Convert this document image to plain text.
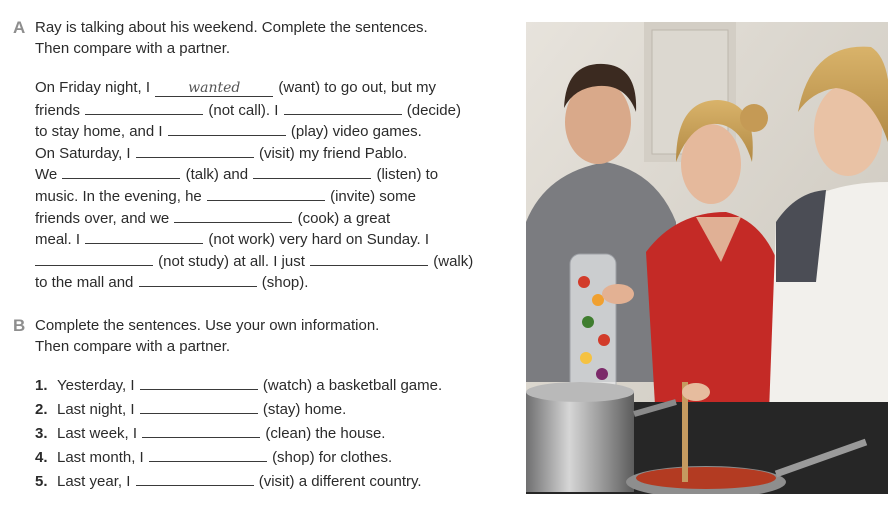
A Ray is talking about his weekend. Complete the sentences.
Then compare with a partner.
On Friday night, I	wanted	(want) to go out, but my
friends	(not call). I	(decide)
to stay home, and I	(play) video games.
On Saturday, I	(visit) my friend Pablo.
We	(talk) and	(listen) to
music. In the evening, he	(invite) some
friends over, and we	(cook) a great
meal. I	(not work) very hard on Sunday. I
(not study) at all. I just	(walk)
to the mall and	(shop).
B Complete the sentences. Use your own information.
Then compare with a partner.
1. Yesterday, I	(watch) a basketball game.
2. Last night, I	(stay) home.
3. Last week, I	(clean) the house.
4. Last month, I	(shop) for clothes.
5. Last year, I	(visit) a different country.
